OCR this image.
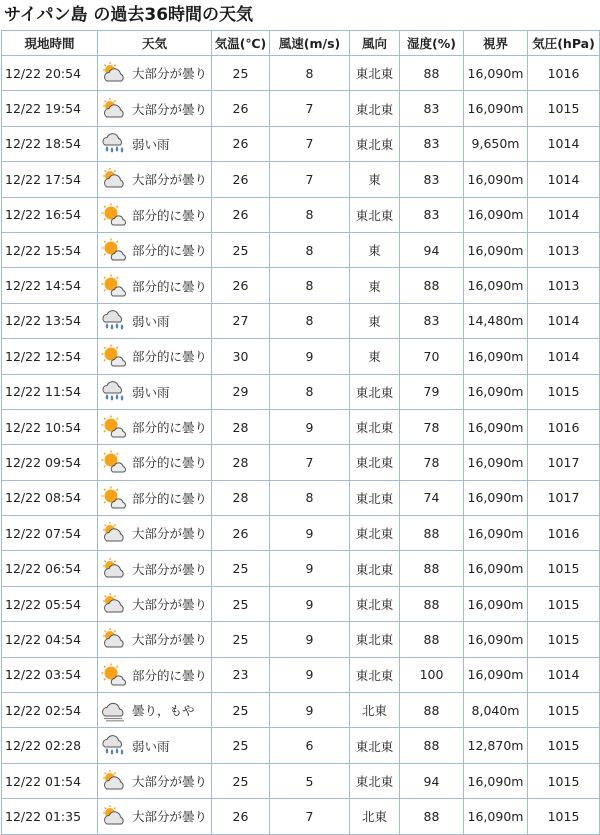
サイパン島 の過去36時間の天気
現地時間	天気	気温(℃)	風速(m/s)	風向	湿度(%)	視界	気圧(hPa)
12/22 20:54	大部分が曇り	25	8	東北東	88	16,090m	1016
12/22 19:54	大部分が曇り	26	7	東北東	83	16,090m	1015
12/22 18:54	弱い雨	26	7	東北東	83	9,650m	1014
12/22 17:54	大部分が曇り	26	7	東	83	16,090m	1014
12/22 16:54	部分的に曇り	26	8	東北東	83	16,090m	1014
12/22 15:54	部分的に曇り	25	8	東	94	16,090m	1013
12/22 14:54	部分的に曇り	26	8	東	88	16,090m	1013
12/22 13:54	弱い雨	27	8	東	83	14,480m	1014
12/22 12:54	部分的に曇り	30	9	東	70	16,090m	1014
12/22 11:54	弱い雨	29	8	東北東	79	16,090m	1015
12/22 10:54	部分的に曇り	28	9	東北東	78	16,090m	1016
12/22 09:54	部分的に曇り	28	7	東北東	78	16,090m	1017
12/22 08:54	部分的に曇り	28	8	東北東	74	16,090m	1017
12/22 07:54	大部分が曇り	26	9	東北東	88	16,090m	1016
12/22 06:54	大部分が曇り	25	9	東北東	88	16,090m	1015
12/22 05:54	大部分が曇り	25	9	東北東	88	16,090m	1015
12/22 04:54	大部分が曇り	25	9	東北東	88	16,090m	1015
12/22 03:54	部分的に曇り	23	9	東北東	100	16,090m	1014
12/22 02:54	曇り，もや	25	9	北東	88	8,040m	1015
12/22 02:28	弱い雨	25	6	東北東	88	12,870m	1015
12/22 01:54	大部分が曇り	25	5	東北東	94	16,090m	1015
12/22 01:35	大部分が曇り	26	7	北東	88	16,090m	1015
